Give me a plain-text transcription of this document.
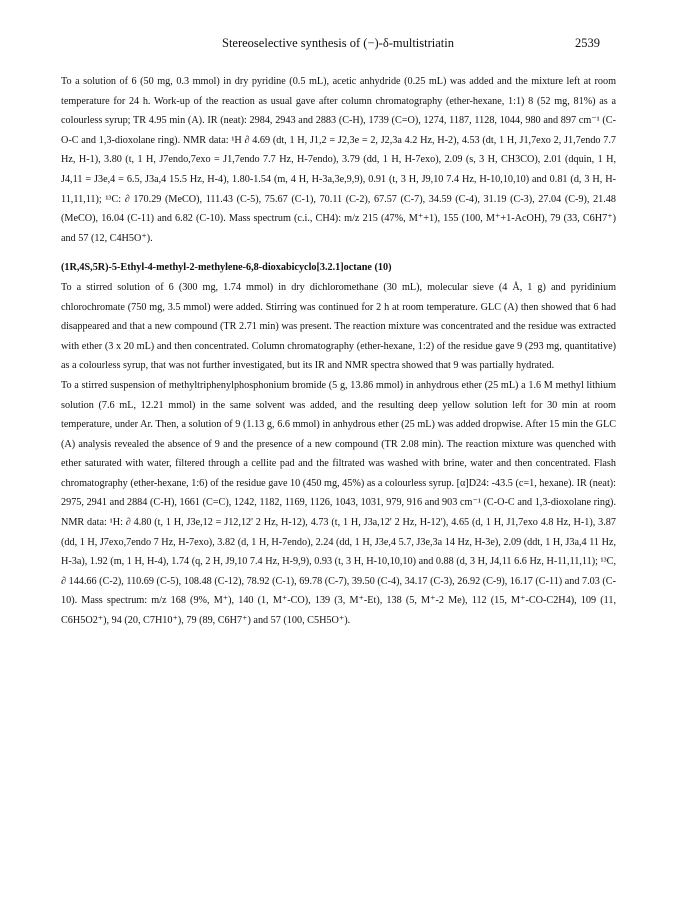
Stereoselective synthesis of (−)-δ-multistriatin	2539

To a solution of 6 (50 mg, 0.3 mmol) in dry pyridine (0.5 mL), acetic anhydride (0.25 mL) was added and the mixture left at room temperature for 24 h. Work-up of the reaction as usual gave after column chromatography (ether-hexane, 1:1) 8 (52 mg, 81%) as a colourless syrup; TR 4.95 min (A). IR (neat): 2984, 2943 and 2883 (C-H), 1739 (C=O), 1274, 1187, 1128, 1044, 980 and 897 cm⁻¹ (C-O-C and 1,3-dioxolane ring). NMR data: ¹H ∂ 4.69 (dt, 1 H, J1,2 = J2,3e = 2, J2,3a 4.2 Hz, H-2), 4.53 (dt, 1 H, J1,7exo 2, J1,7endo 7.7 Hz, H-1), 3.80 (t, 1 H, J7endo,7exo = J1,7endo 7.7 Hz, H-7endo), 3.79 (dd, 1 H, H-7exo), 2.09 (s, 3 H, CH3CO), 2.01 (dquin, 1 H, J4,11 = J3e,4 = 6.5, J3a,4 15.5 Hz, H-4), 1.80-1.54 (m, 4 H, H-3a,3e,9,9), 0.91 (t, 3 H, J9,10 7.4 Hz, H-10,10,10) and 0.81 (d, 3 H, H-11,11,11); ¹³C: ∂ 170.29 (MeCO), 111.43 (C-5), 75.67 (C-1), 70.11 (C-2), 67.57 (C-7), 34.59 (C-4), 31.19 (C-3), 27.04 (C-9), 21.48 (MeCO), 16.04 (C-11) and 6.82 (C-10). Mass spectrum (c.i., CH4): m/z 215 (47%, M⁺+1), 155 (100, M⁺+1-AcOH), 79 (33, C6H7⁺) and 57 (12, C4H5O⁺).

(1R,4S,5R)-5-Ethyl-4-methyl-2-methylene-6,8-dioxabicyclo[3.2.1]octane (10)

To a stirred solution of 6 (300 mg, 1.74 mmol) in dry dichloromethane (30 mL), molecular sieve (4 Å, 1 g) and pyridinium chlorochromate (750 mg, 3.5 mmol) were added. Stirring was continued for 2 h at room temperature. GLC (A) then showed that 6 had disappeared and that a new compound (TR 2.71 min) was present. The reaction mixture was concentrated and the residue was extracted with ether (3 x 20 mL) and then concentrated. Column chromatography (ether-hexane, 1:2) of the residue gave 9 (293 mg, quantitative) as a colourless syrup, that was not further investigated, but its IR and NMR spectra showed that 9 was partially hydrated.

To a stirred suspension of methyltriphenylphosphonium bromide (5 g, 13.86 mmol) in anhydrous ether (25 mL) a 1.6 M methyl lithium solution (7.6 mL, 12.21 mmol) in the same solvent was added, and the resulting deep yellow solution left for 30 min at room temperature, under Ar. Then, a solution of 9 (1.13 g, 6.6 mmol) in anhydrous ether (25 mL) was added dropwise. After 15 min the GLC (A) analysis revealed the absence of 9 and the presence of a new compound (TR 2.08 min). The reaction mixture was quenched with ether saturated with water, filtered through a cellite pad and the filtrated was washed with brine, water and then concentrated. Flash chromatography (ether-hexane, 1:6) of the residue gave 10 (450 mg, 45%) as a colourless syrup. [α]D24: -43.5 (c=1, hexane). IR (neat): 2975, 2941 and 2884 (C-H), 1661 (C=C), 1242, 1182, 1169, 1126, 1043, 1031, 979, 916 and 903 cm⁻¹ (C-O-C and 1,3-dioxolane ring). NMR data: ¹H: ∂ 4.80 (t, 1 H, J3e,12 = J12,12' 2 Hz, H-12), 4.73 (t, 1 H, J3a,12' 2 Hz, H-12'), 4.65 (d, 1 H, J1,7exo 4.8 Hz, H-1), 3.87 (dd, 1 H, J7exo,7endo 7 Hz, H-7exo), 3.82 (d, 1 H, H-7endo), 2.24 (dd, 1 H, J3e,4 5.7, J3e,3a 14 Hz, H-3e), 2.09 (ddt, 1 H, J3a,4 11 Hz, H-3a), 1.92 (m, 1 H, H-4), 1.74 (q, 2 H, J9,10 7.4 Hz, H-9,9), 0.93 (t, 3 H, H-10,10,10) and 0.88 (d, 3 H, J4,11 6.6 Hz, H-11,11,11); ¹³C, ∂ 144.66 (C-2), 110.69 (C-5), 108.48 (C-12), 78.92 (C-1), 69.78 (C-7), 39.50 (C-4), 34.17 (C-3), 26.92 (C-9), 16.17 (C-11) and 7.03 (C-10). Mass spectrum: m/z 168 (9%, M⁺), 140 (1, M⁺-CO), 139 (3, M⁺-Et), 138 (5, M⁺-2 Me), 112 (15, M⁺-CO-C2H4), 109 (11, C6H5O2⁺), 94 (20, C7H10⁺), 79 (89, C6H7⁺) and 57 (100, C5H5O⁺).
